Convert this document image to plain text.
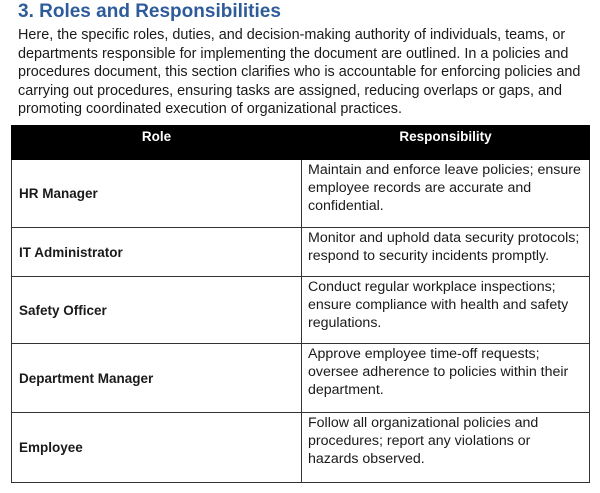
3. Roles and Responsibilities
Here, the specific roles, duties, and decision-making authority of individuals, teams, or departments responsible for implementing the document are outlined. In a policies and procedures document, this section clarifies who is accountable for enforcing policies and carrying out procedures, ensuring tasks are assigned, reducing overlaps or gaps, and promoting coordinated execution of organizational practices.
Role	Responsibility
HR Manager	Maintain and enforce leave policies; ensure employee records are accurate and confidential.

IT Administrator	Monitor and uphold data security protocols; respond to security incidents promptly.

Safety Officer	Conduct regular workplace inspections; ensure compliance with health and safety regulations.

Department Manager	Approve employee time-off requests; oversee adherence to policies within their department.

Employee	Follow all organizational policies and procedures; report any violations or hazards observed.
